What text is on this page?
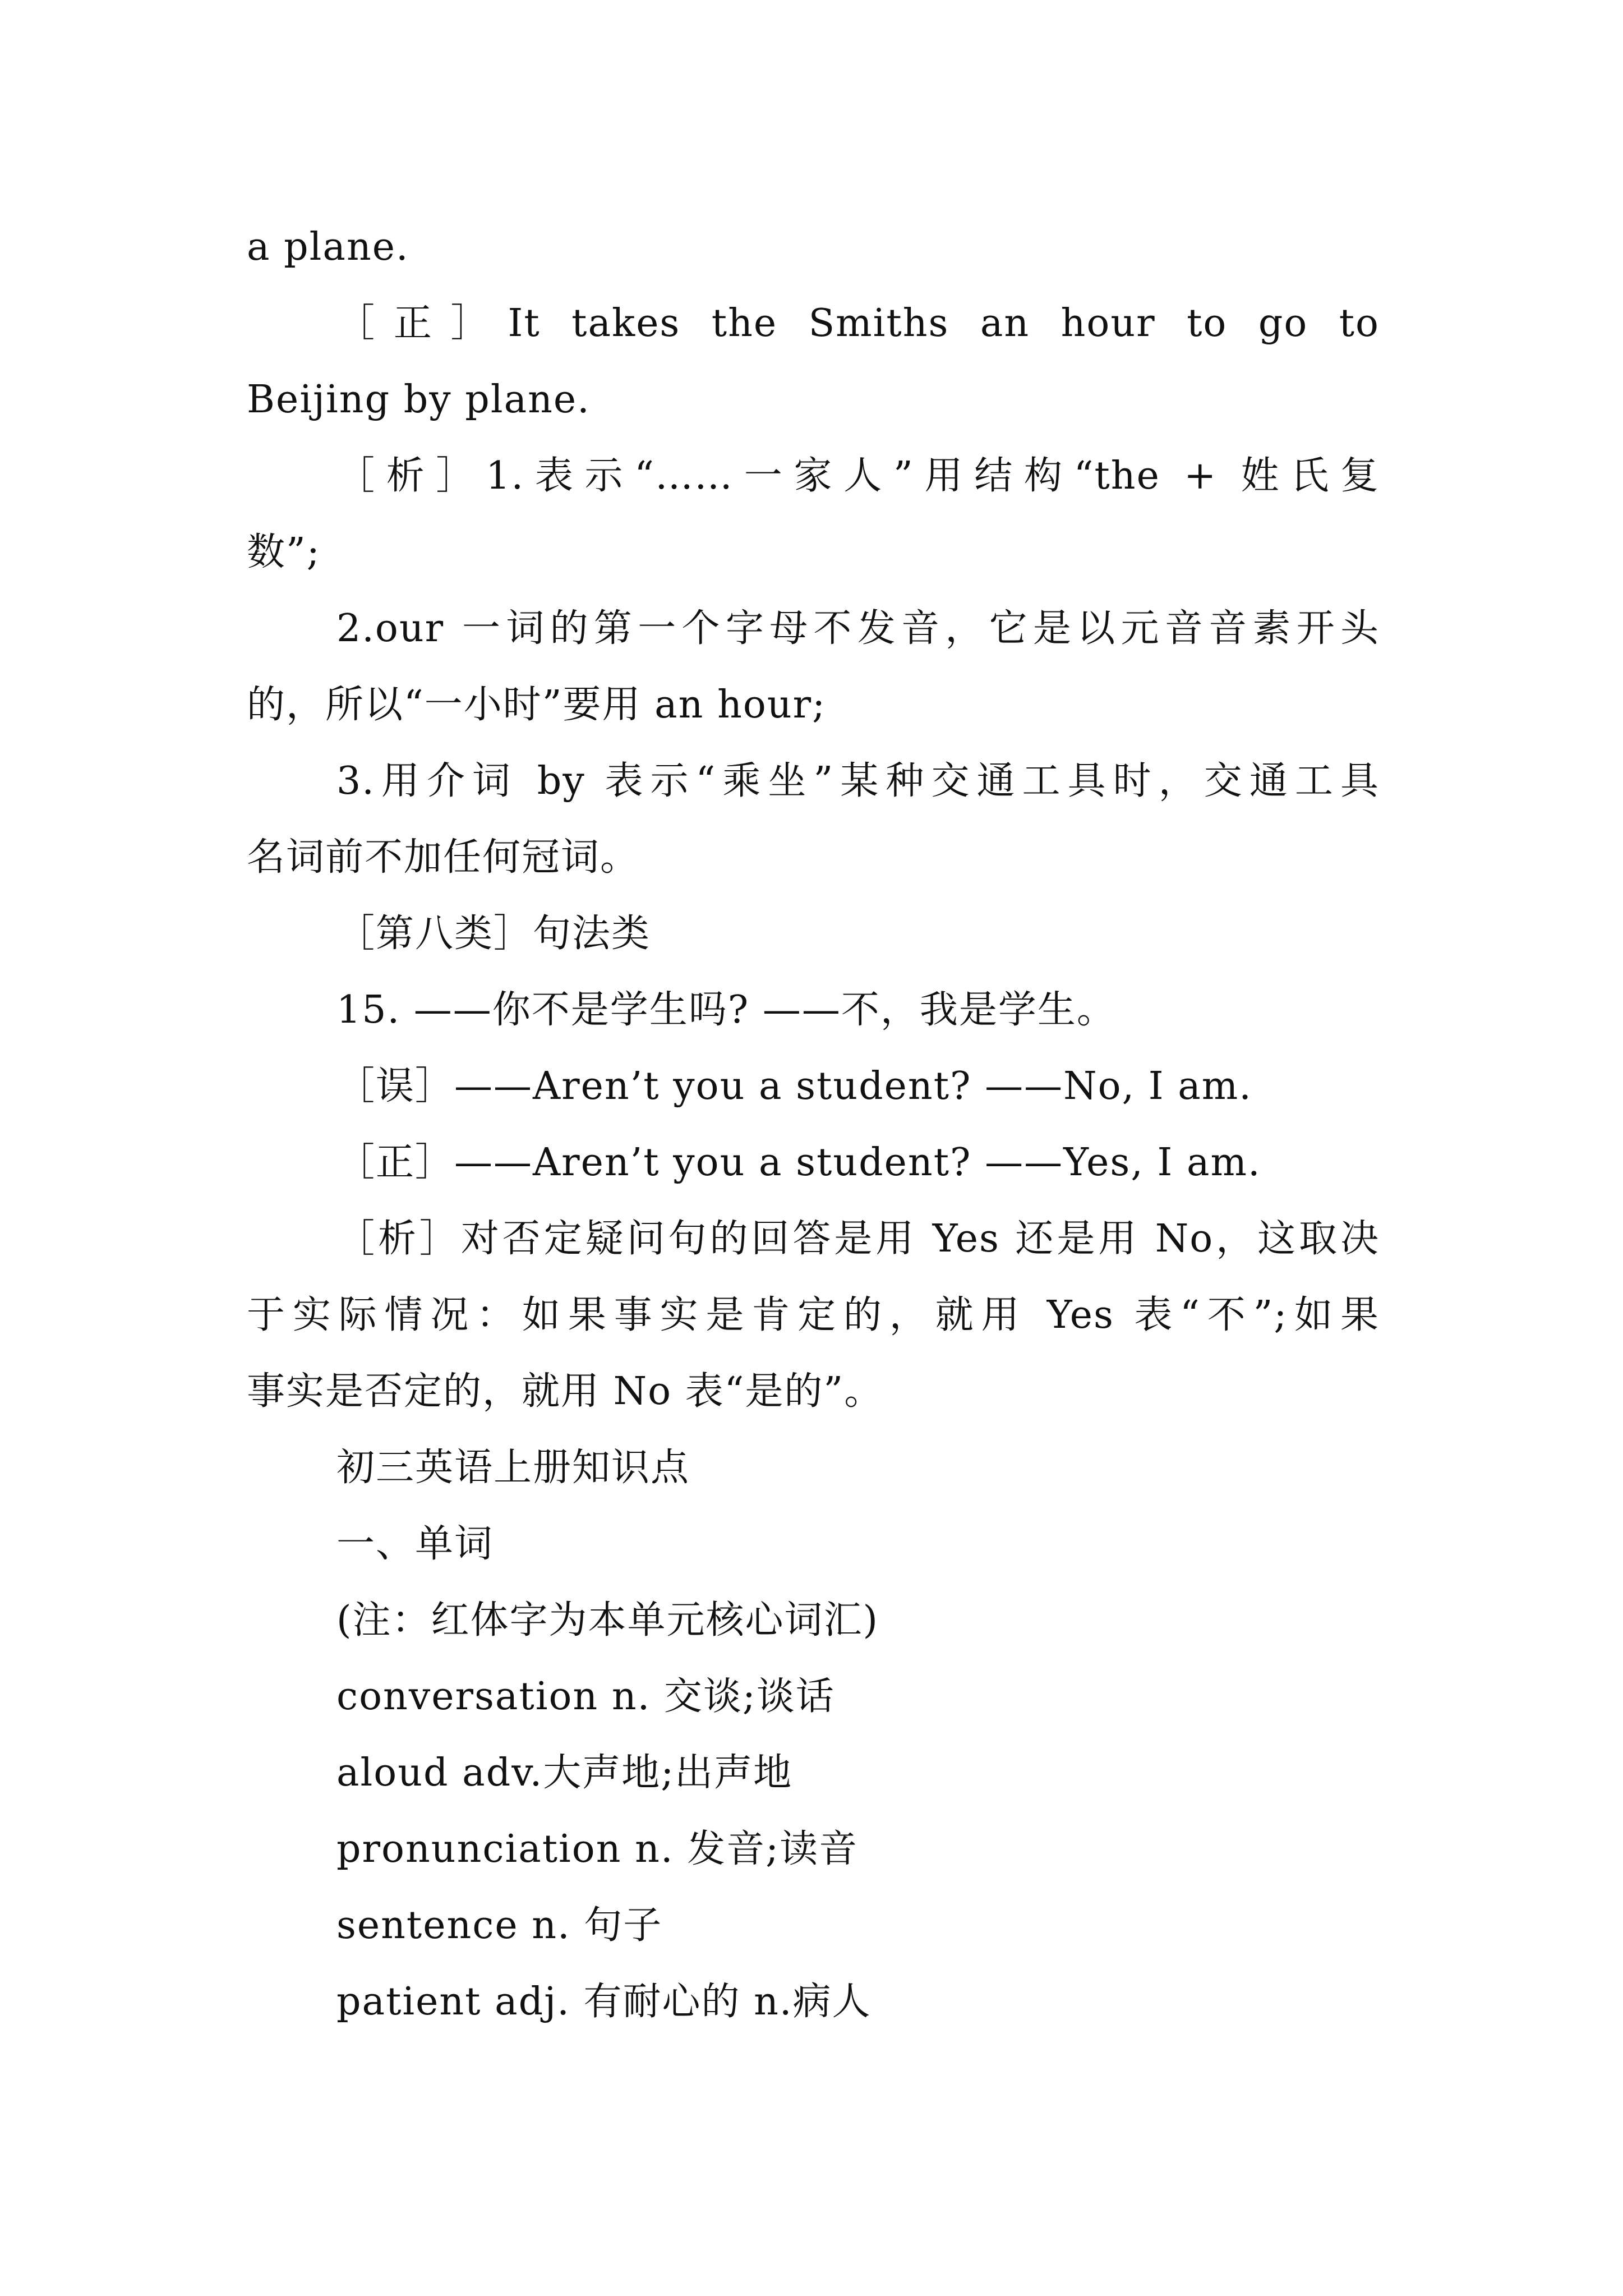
a plane.

［正］It takes the Smiths an hour to go to

Beijing by plane.

［析］1.表示“……一家人”用结构“the + 姓氏复

数”;

2.our 一词的第一个字母不发音，它是以元音音素开头

的，所以“一小时”要用 an hour;

3.用介词 by 表示“乘坐”某种交通工具时，交通工具

名词前不加任何冠词。

［第八类］句法类

15. ——你不是学生吗? ——不，我是学生。

［误］——Aren’t you a student? ——No, I am.

［正］——Aren’t you a student? ——Yes, I am.

［析］对否定疑问句的回答是用 Yes 还是用 No，这取决

于实际情况：如果事实是肯定的，就用 Yes 表“不”;如果

事实是否定的，就用 No 表“是的”。

初三英语上册知识点

一、单词

(注：红体字为本单元核心词汇)

conversation n. 交谈;谈话

aloud adv.大声地;出声地

pronunciation n. 发音;读音

sentence n. 句子

patient adj. 有耐心的 n.病人
